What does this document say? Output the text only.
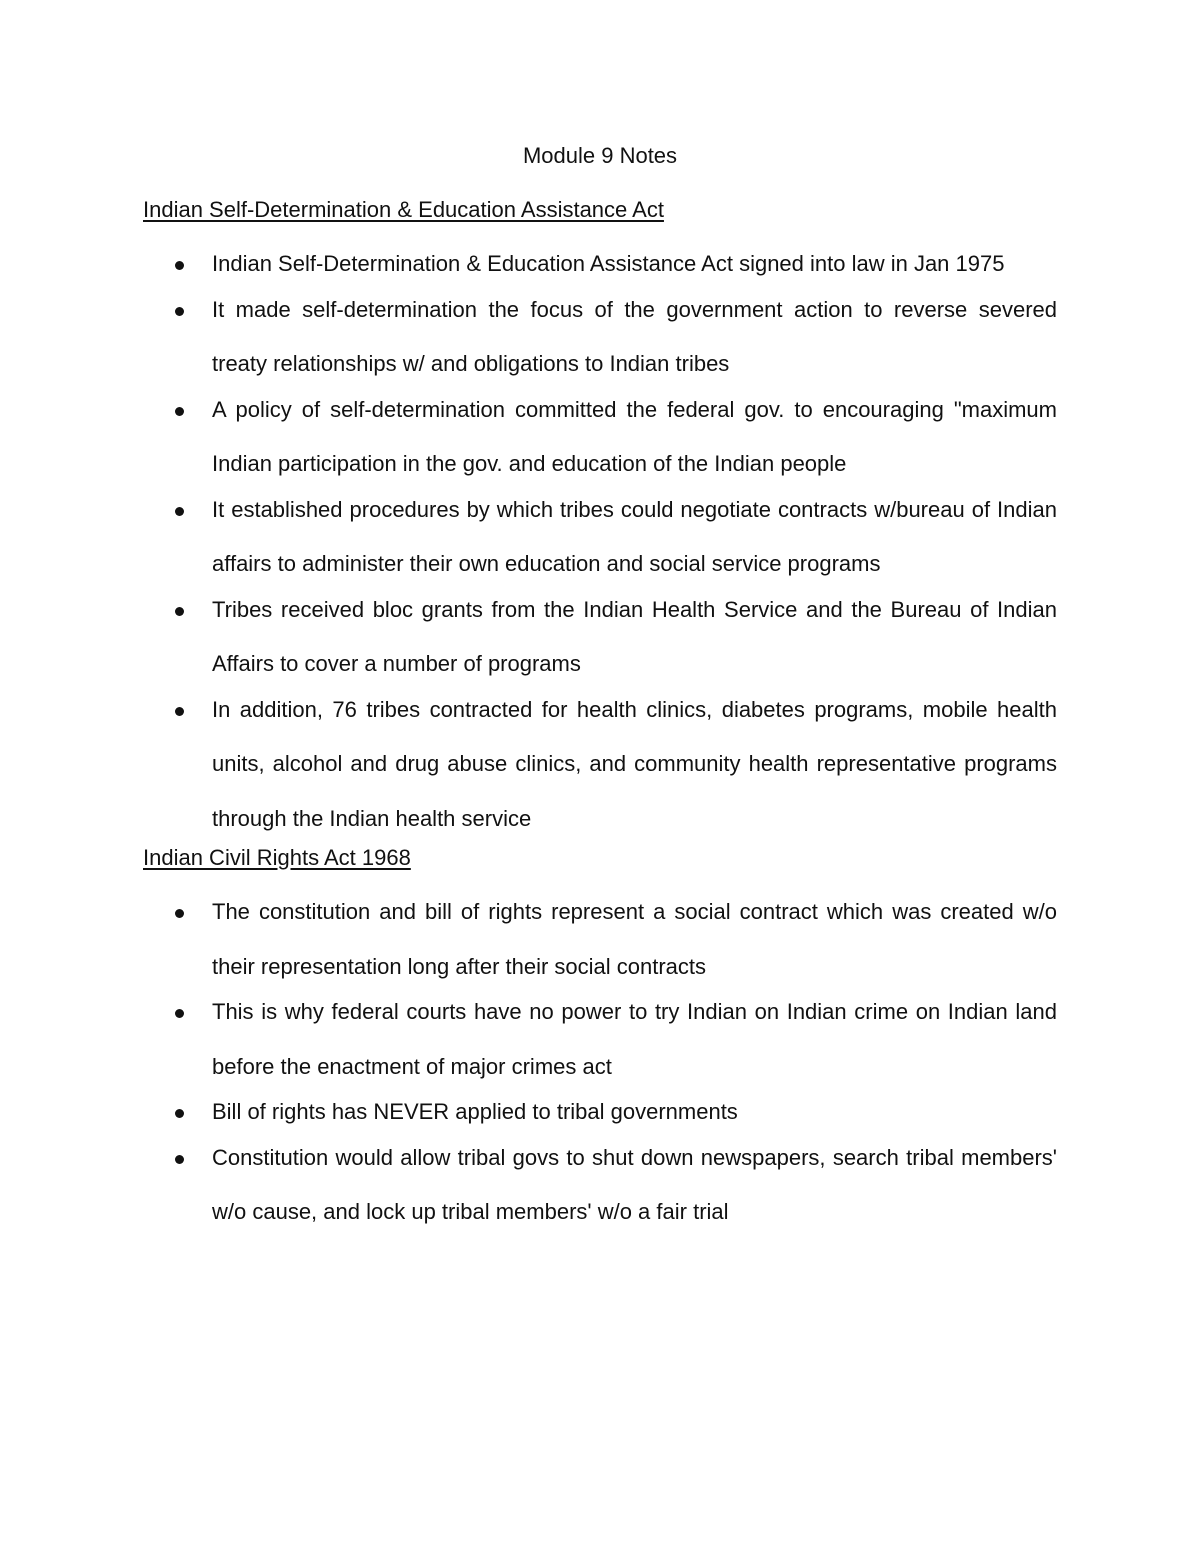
Module 9 Notes
Indian Self-Determination & Education Assistance Act
Indian Self-Determination & Education Assistance Act signed into law in Jan 1975
It made self-determination the focus of the government action to reverse severed treaty relationships w/ and obligations to Indian tribes
A policy of self-determination committed the federal gov. to encouraging "maximum Indian participation in the gov. and education of the Indian people
It established procedures by which tribes could negotiate contracts w/bureau of Indian affairs to administer their own education and social service programs
Tribes received bloc grants from the Indian Health Service and the Bureau of Indian Affairs to cover a number of programs
In addition, 76 tribes contracted for health clinics, diabetes programs, mobile health units, alcohol and drug abuse clinics, and community health representative programs through the Indian health service
Indian Civil Rights Act 1968
The constitution and bill of rights represent a social contract which was created w/o their representation long after their social contracts
This is why federal courts have no power to try Indian on Indian crime on Indian land before the enactment of major crimes act
Bill of rights has NEVER applied to tribal governments
Constitution would allow tribal govs to shut down newspapers, search tribal members' w/o cause, and lock up tribal members' w/o a fair trial
